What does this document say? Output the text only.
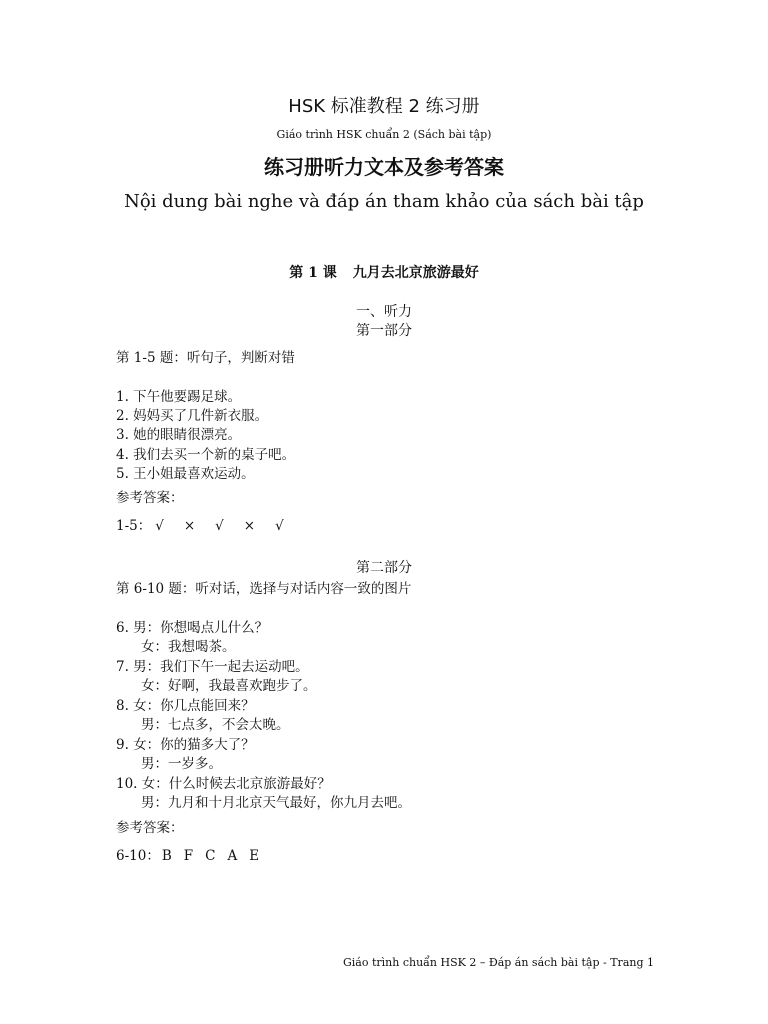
HSK 标准教程 2 练习册
Giáo trình HSK chuẩn 2 (Sách bài tập)
练习册听力文本及参考答案
Nội dung bài nghe và đáp án tham khảo của sách bài tập
第 1 课 九月去北京旅游最好
一、听力
第一部分
第 1-5 题：听句子，判断对错
1. 下午他要踢足球。
2. 妈妈买了几件新衣服。
3. 她的眼睛很漂亮。
4. 我们去买一个新的桌子吧。
5. 王小姐最喜欢运动。
参考答案：
1-5： √ × √ × √
第二部分
第 6-10 题：听对话，选择与对话内容一致的图片
6. 男：你想喝点儿什么？
女：我想喝茶。
7. 男：我们下午一起去运动吧。
女：好啊，我最喜欢跑步了。
8. 女：你几点能回来？
男：七点多，不会太晚。
9. 女：你的猫多大了？
男：一岁多。
10. 女：什么时候去北京旅游最好？
男：九月和十月北京天气最好，你九月去吧。
参考答案：
6-10： B F C A E
Giáo trình chuẩn HSK 2 – Đáp án sách bài tập - Trang 1
